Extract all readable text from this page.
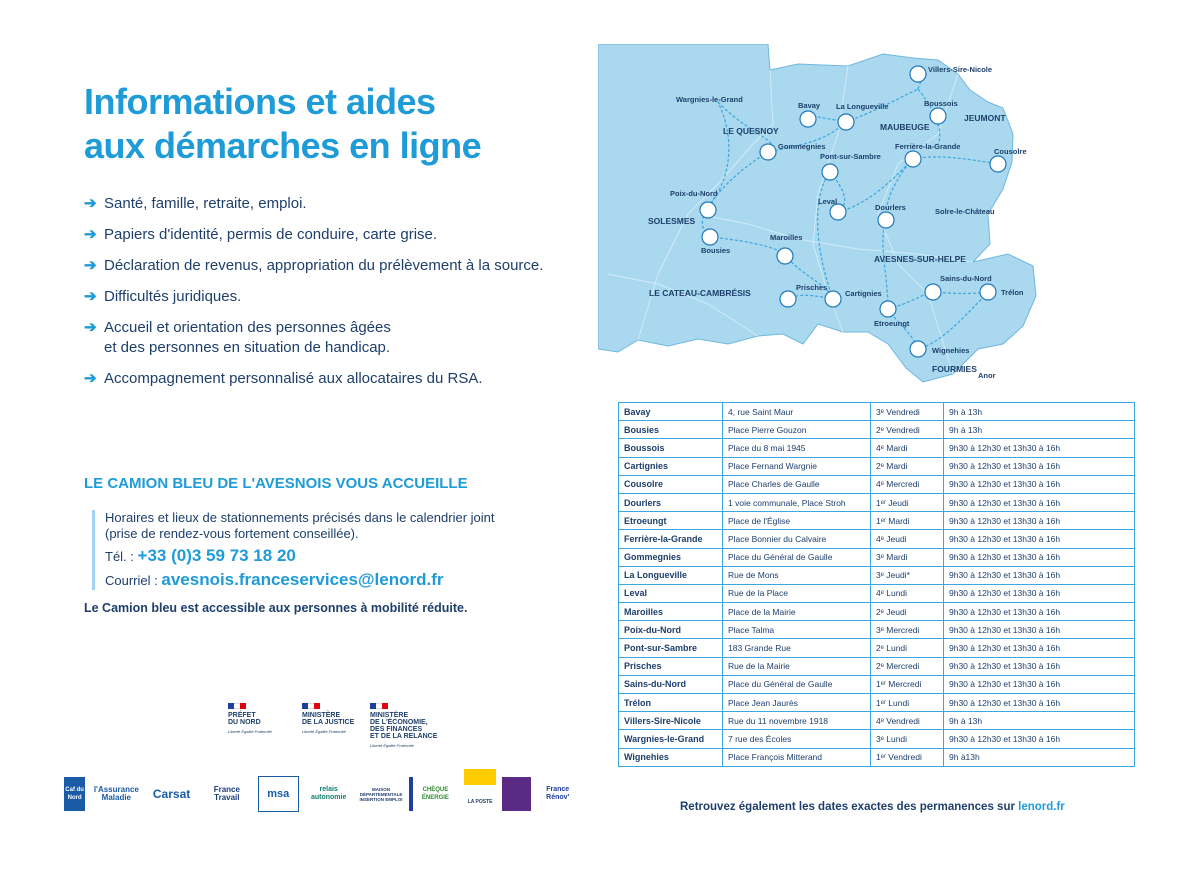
Informations et aides
aux démarches en ligne
➔ Santé, famille, retraite, emploi.
➔ Papiers d'identité, permis de conduire, carte grise.
➔ Déclaration de revenus, appropriation du prélèvement à la source.
➔ Difficultés juridiques.
➔ Accueil et orientation des personnes âgées
et des personnes en situation de handicap.
➔ Accompagnement personnalisé aux allocataires du RSA.
LE CAMION BLEU DE L'AVESNOIS VOUS ACCUEILLE
Horaires et lieux de stationnements précisés dans le calendrier joint
(prise de rendez-vous fortement conseillée).
Tél. : +33 (0)3 59 73 18 20
Courriel : avesnois.franceservices@lenord.fr
Le Camion bleu est accessible aux personnes à mobilité réduite.
PRÉFET
DU NORD
Liberté Égalité Fraternité
MINISTÈRE
DE LA JUSTICE
Liberté Égalité Fraternité
MINISTÈRE
DE L'ÉCONOMIE,
DES FINANCES
ET DE LA RELANCE
Liberté Égalité Fraternité
Caf du Nord
l'Assurance Maladie	Carsat	France Travail	msa	relais autonomie
MAISON DÉPARTEMENTALE INSERTION EMPLOI
CHÈQUE ÉNERGIE
LA POSTE
France Rénov'
Villers-Sire-Nicole
Wargnies-le-Grand
Bavay La Longueville	Boussois
JEUMONT
LE QUESNOY	MAUBEUGE
Gommegnies
Pont-sur-Sambre
Ferrière-la-Grande
Cousolre
Poix-du-Nord
Leval
Dourlers	Solre-le-Château
SOLESMES
Maroilles
Bousies
AVESNES-SUR-HELPE
Sains-du-Nord
Prisches
LE CATEAU-CAMBRÉSIS	Cartignies	Trélon
Etroeungt
Wignehies
FOURMIES
Anor
Bavay	4, rue Saint Maur	3ᵉ Vendredi	9h à 13h
Bousies	Place Pierre Gouzon	2ᵉ Vendredi	9h à 13h
Boussois	Place du 8 mai 1945	4ᵉ Mardi	9h30 à 12h30 et 13h30 à 16h
Cartignies	Place Fernand Wargnie	2ᵉ Mardi	9h30 à 12h30 et 13h30 à 16h
Cousolre	Place Charles de Gaulle	4ᵉ Mercredi	9h30 à 12h30 et 13h30 à 16h
Dourlers	1 voie communale, Place Stroh	1ᵉʳ Jeudi	9h30 à 12h30 et 13h30 à 16h
Etroeungt	Place de l'Église	1ᵉʳ Mardi	9h30 à 12h30 et 13h30 à 16h
Ferrière-la-Grande	Place Bonnier du Calvaire	4ᵉ Jeudi	9h30 à 12h30 et 13h30 à 16h
Gommegnies	Place du Général de Gaulle	3ᵉ Mardi	9h30 à 12h30 et 13h30 à 16h
La Longueville	Rue de Mons	3ᵉ Jeudi*	9h30 à 12h30 et 13h30 à 16h
Leval	Rue de la Place	4ᵉ Lundi	9h30 à 12h30 et 13h30 à 16h
Maroilles	Place de la Mairie	2ᵉ Jeudi	9h30 à 12h30 et 13h30 à 16h
Poix-du-Nord	Place Talma	3ᵉ Mercredi	9h30 à 12h30 et 13h30 à 16h
Pont-sur-Sambre	183 Grande Rue	2ᵉ Lundi	9h30 à 12h30 et 13h30 à 16h
Prisches	Rue de la Mairie	2ᵉ Mercredi	9h30 à 12h30 et 13h30 à 16h
Sains-du-Nord	Place du Général de Gaulle	1ᵉʳ Mercredi	9h30 à 12h30 et 13h30 à 16h
Trélon	Place Jean Jaurès	1ᵉʳ Lundi	9h30 à 12h30 et 13h30 à 16h
Villers-Sire-Nicole	Rue du 11 novembre 1918	4ᵉ Vendredi	9h à 13h
Wargnies-le-Grand	7 rue des Écoles	3ᵉ Lundi	9h30 à 12h30 et 13h30 à 16h
Wignehies	Place François Mitterand	1ᵉʳ Vendredi	9h à13h
Retrouvez également les dates exactes des permanences sur lenord.fr
